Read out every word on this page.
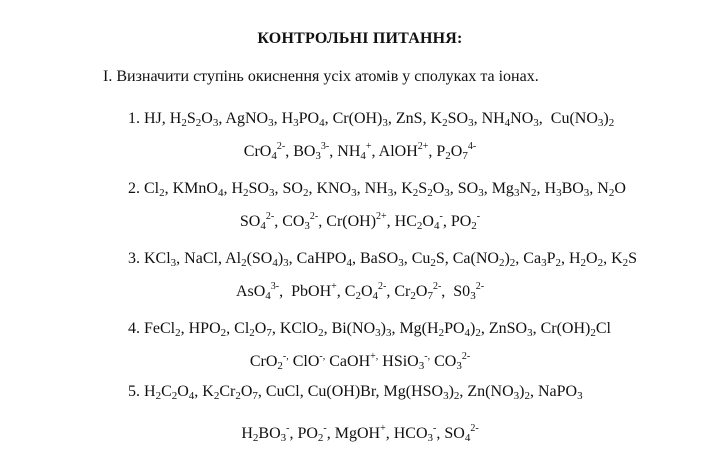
КОНТРОЛЬНІ ПИТАННЯ:
I. Визначити ступінь окиснення усіх атомів у сполуках та іонах.
1. HJ, $H_2S_2O_3$, AgNO$_3$, $H_3PO_4$, $Cr(OH)_3$, ZnS, $K_2SO_3$, $NH_4NO_3$,  $Cu(NO_3)_2$
CrO$_4^{2-}$, $BO_3^{3-}$, $NH_4^+$, AlOH$^{2+}$, $P_2O_7^{4-}$
2. $Cl_2$, KMnO$_4$, $H_2SO_3$, $SO_2$, $KNO_3$, $NH_3$, $K_2S_2O_3$, $SO_3$, $Mg_3N_2$, $H_3BO_3$, $N_2O$
$SO_4^{2-}$, $CO_3^{2-}$, Cr(OH)$^{2+}$, $HC_2O_4^-$, $PO_2^-$
3. KCl$_3$, NaCl, $Al_2(SO_4)_3$, CaHPO$_4$, BaSO$_3$, $Cu_2S$, $Ca(NO_2)_2$, $Ca_3P_2$, $H_2O_2$, $K_2S$
AsO$_4^{3-}$,  PbOH+, $C_2O_4^{2-}$, $Cr_2O_7^{2-}$,  $S0_3^{2-}$
4. FeCl$_2$, $HPO_2$, $Cl_2O_7$, KClO$_2$, $Bi(NO_3)_3$, $Mg(H_2PO_4)_2$, ZnSO$_3$, $Cr(OH)_2Cl$
CrO$_2$-, ClO-, CaOH+, HSiO$_3$-, $CO_3^{2-}$
5. $H_2C_2O_4$, $K_2Cr_2O_7$, CuCl, Cu(OH)Br, $Mg(HSO_3)_2$, $Zn(NO_3)_2$, NaPO$_3$
$H_2BO_3^-$, $PO_2^-$, MgOH+, $HCO_3^-$, $SO_4^{2-}$
